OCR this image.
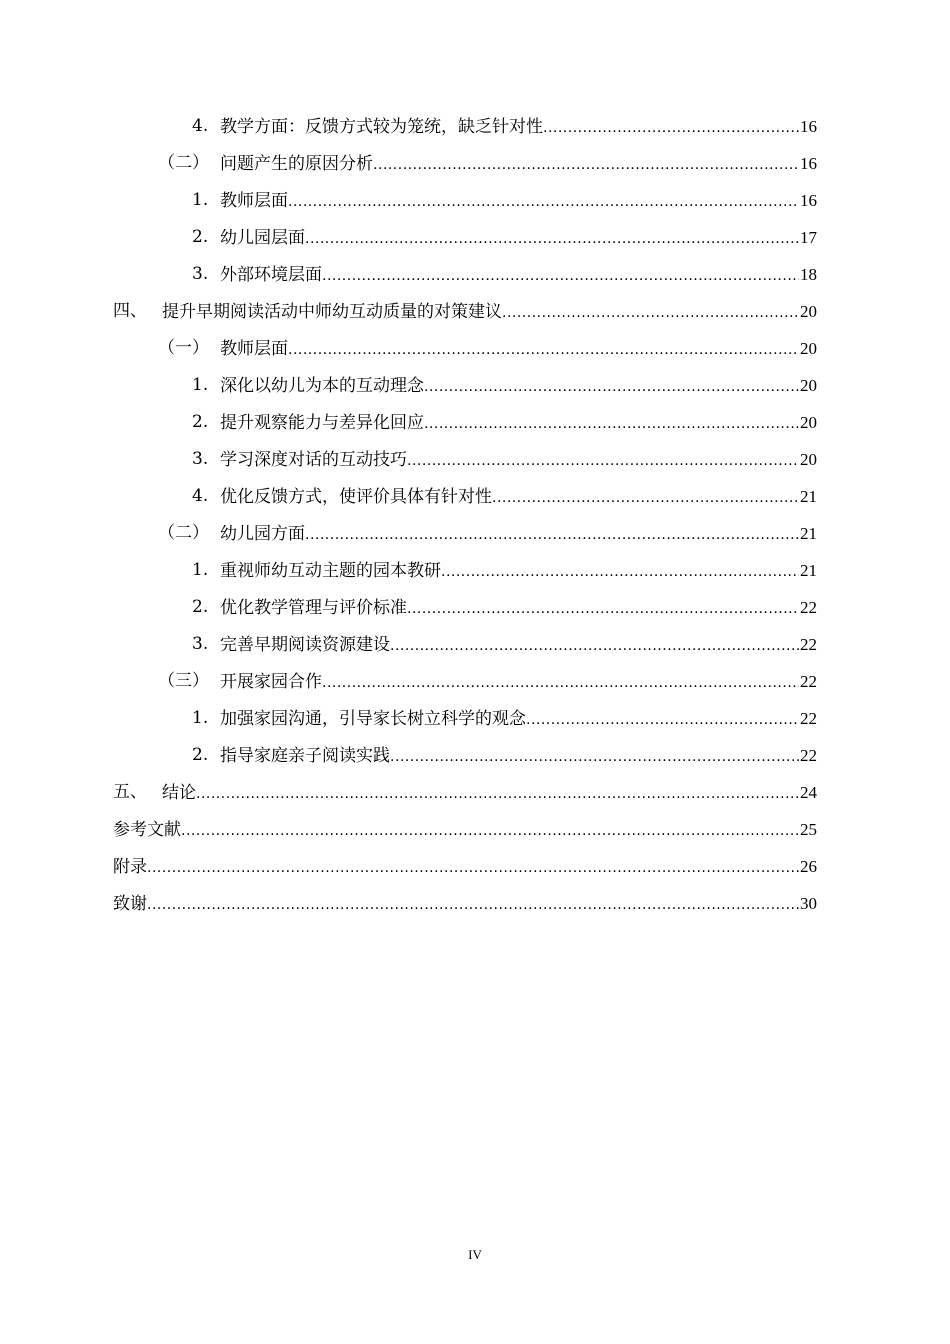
4. 教学方面：反馈方式较为笼统，缺乏针对性 .....	16
（二） 问题产生的原因分析 .....	16
1. 教师层面 .....	16
2. 幼儿园层面 .....	17
3. 外部环境层面 .....	18
四、 提升早期阅读活动中师幼互动质量的对策建议 .....	20
（一） 教师层面 .....	20
1. 深化以幼儿为本的互动理念 .....	20
2. 提升观察能力与差异化回应 .....	20
3. 学习深度对话的互动技巧 .....	20
4. 优化反馈方式，使评价具体有针对性 .....	21
（二） 幼儿园方面 .....	21
1. 重视师幼互动主题的园本教研 .....	21
2. 优化教学管理与评价标准 .....	22
3. 完善早期阅读资源建设 .....	22
（三） 开展家园合作 .....	22
1. 加强家园沟通，引导家长树立科学的观念 .....	22
2. 指导家庭亲子阅读实践 .....	22
五、 结论 .....	24
参考文献 .....	25
附录 .....	26
致谢 .....	30
IV
